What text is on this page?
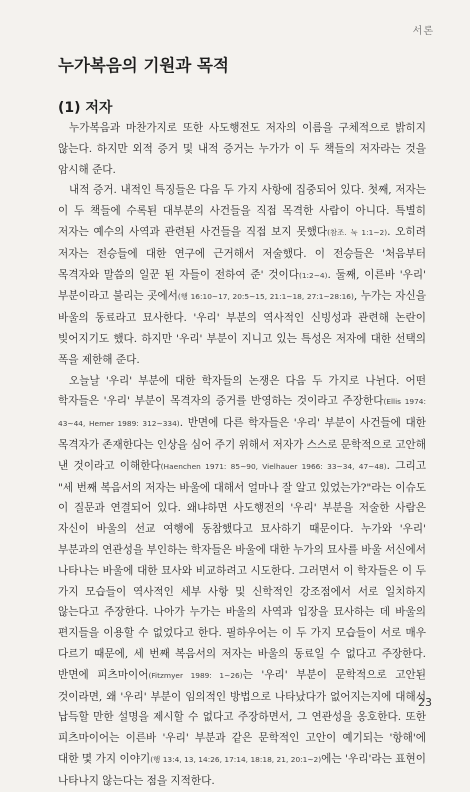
서론
누가복음의 기원과 목적
(1) 저자

누가복음과 마찬가지로 또한 사도행전도 저자의 이름을 구체적으로 밝히지 않는다. 하지만 외적 증거 및 내적 증거는 누가가 이 두 책들의 저자라는 것을 암시해 준다.

내적 증거. 내적인 특징들은 다음 두 가지 사항에 집중되어 있다. 첫째, 저자는 이 두 책들에 수록된 대부분의 사건들을 직접 목격한 사람이 아니다. 특별히 저자는 예수의 사역과 관련된 사건들을 직접 보지 못했다(참조. 눅 1:1~2). 오히려 저자는 전승들에 대한 연구에 근거해서 저술했다. 이 전승들은 '처음부터 목격자와 말씀의 일꾼 된 자들이 전하여 준' 것이다(1:2~4). 둘째, 이른바 '우리' 부분이라고 불리는 곳에서(행 16:10~17, 20:5~15, 21:1~18, 27:1~28:16), 누가는 자신을 바울의 동료라고 묘사한다. '우리' 부분의 역사적인 신빙성과 관련해 논란이 빚어지기도 했다. 하지만 '우리' 부분이 지니고 있는 특성은 저자에 대한 선택의 폭을 제한해 준다.

오늘날 '우리' 부분에 대한 학자들의 논쟁은 다음 두 가지로 나뉜다. 어떤 학자들은 '우리' 부분이 목격자의 증거를 반영하는 것이라고 주장한다(Ellis 1974: 43~44, Hemer 1989: 312~334). 반면에 다른 학자들은 '우리' 부분이 사건들에 대한 목격자가 존재한다는 인상을 심어 주기 위해서 저자가 스스로 문학적으로 고안해 낸 것이라고 이해한다(Haenchen 1971: 85~90, Vielhauer 1966: 33~34, 47~48). 그리고 "세 번째 복음서의 저자는 바울에 대해서 얼마나 잘 알고 있었는가?"라는 이슈도 이 질문과 연결되어 있다. 왜냐하면 사도행전의 '우리' 부분을 저술한 사람은 자신이 바울의 선교 여행에 동참했다고 묘사하기 때문이다. 누가와 '우리' 부분과의 연관성을 부인하는 학자들은 바울에 대한 누가의 묘사를 바울 서신에서 나타나는 바울에 대한 묘사와 비교하려고 시도한다. 그러면서 이 학자들은 이 두 가지 모습들이 역사적인 세부 사항 및 신학적인 강조점에서 서로 일치하지 않는다고 주장한다. 나아가 누가는 바울의 사역과 입장을 묘사하는 데 바울의 편지들을 이용할 수 없었다고 한다. 필하우어는 이 두 가지 모습들이 서로 매우 다르기 때문에, 세 번째 복음서의 저자는 바울의 동료일 수 없다고 주장한다. 반면에 피츠마이어(Fitzmyer 1989: 1~26)는 '우리' 부분이 문학적으로 고안된 것이라면, 왜 '우리' 부분이 임의적인 방법으로 나타났다가 없어지는지에 대해서 납득할 만한 설명을 제시할 수 없다고 주장하면서, 그 연관성을 옹호한다. 또한 피츠마이어는 이른바 '우리' 부분과 같은 문학적인 고안이 예기되는 '항해'에 대한 몇 가지 이야기(행 13:4, 13, 14:26, 17:14, 18:18, 21, 20:1~2)에는 '우리'라는 표현이 나타나지 않는다는 점을 지적한다.

23
